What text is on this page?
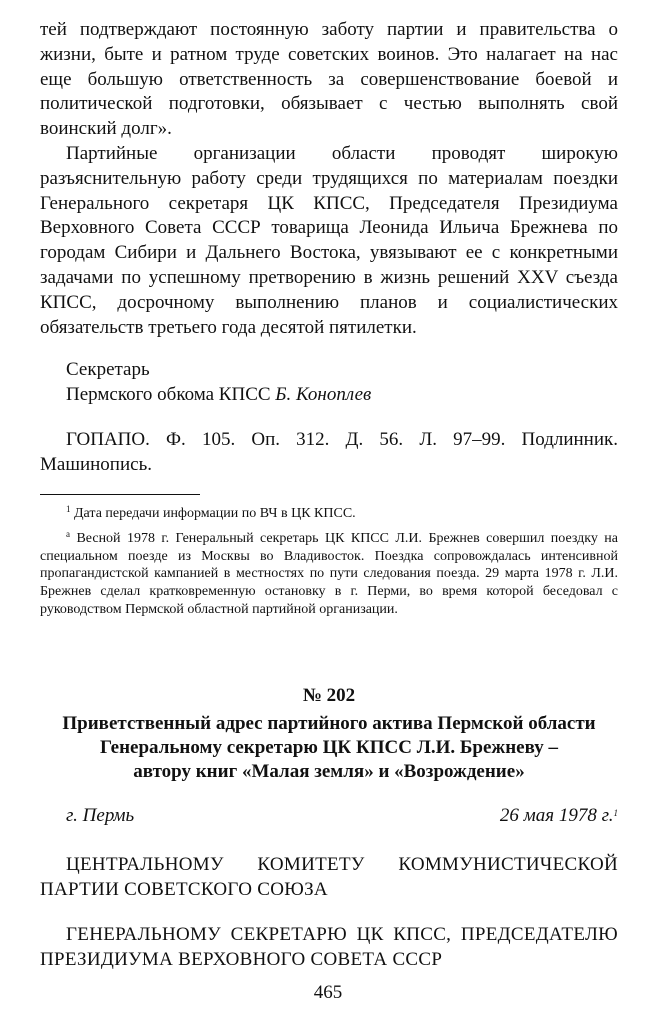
тей подтверждают постоянную заботу партии и правительства о жизни, быте и ратном труде советских воинов. Это налагает на нас еще большую ответственность за совершенствование боевой и политической подготовки, обязывает с честью выполнять свой воинский долг».

Партийные организации области проводят широкую разъяснительную работу среди трудящихся по материалам поездки Генерального секретаря ЦК КПСС, Председателя Президиума Верховного Совета СССР товарища Леонида Ильича Брежнева по городам Сибири и Дальнего Востока, увязывают ее с конкретными задачами по успешному претворению в жизнь решений XXV съезда КПСС, досрочному выполнению планов и социалистических обязательств третьего года десятой пятилетки.

Секретарь
Пермского обкома КПСС Б. Коноплев

ГОПАПО. Ф. 105. Оп. 312. Д. 56. Л. 97–99. Подлинник. Машинопись.

$^1$ Дата передачи информации по ВЧ в ЦК КПСС.

$^а$ Весной 1978 г. Генеральный секретарь ЦК КПСС Л.И. Брежнев совершил поездку на специальном поезде из Москвы во Владивосток. Поездка сопровождалась интенсивной пропагандистской кампанией в местностях по пути следования поезда. 29 марта 1978 г. Л.И. Брежнев сделал кратковременную остановку в г. Перми, во время которой беседовал с руководством Пермской областной партийной организации.

№ 202
Приветственный адрес партийного актива Пермской области
Генеральному секретарю ЦК КПСС Л.И. Брежневу –
автору книг «Малая земля» и «Возрождение»
г. Пермь	26 мая 1978 г.$^1$

ЦЕНТРАЛЬНОМУ КОМИТЕТУ КОММУНИСТИЧЕСКОЙ ПАРТИИ СОВЕТСКОГО СОЮЗА

ГЕНЕРАЛЬНОМУ СЕКРЕТАРЮ ЦК КПСС, ПРЕДСЕДАТЕЛЮ ПРЕЗИДИУМА ВЕРХОВНОГО СОВЕТА СССР

465
